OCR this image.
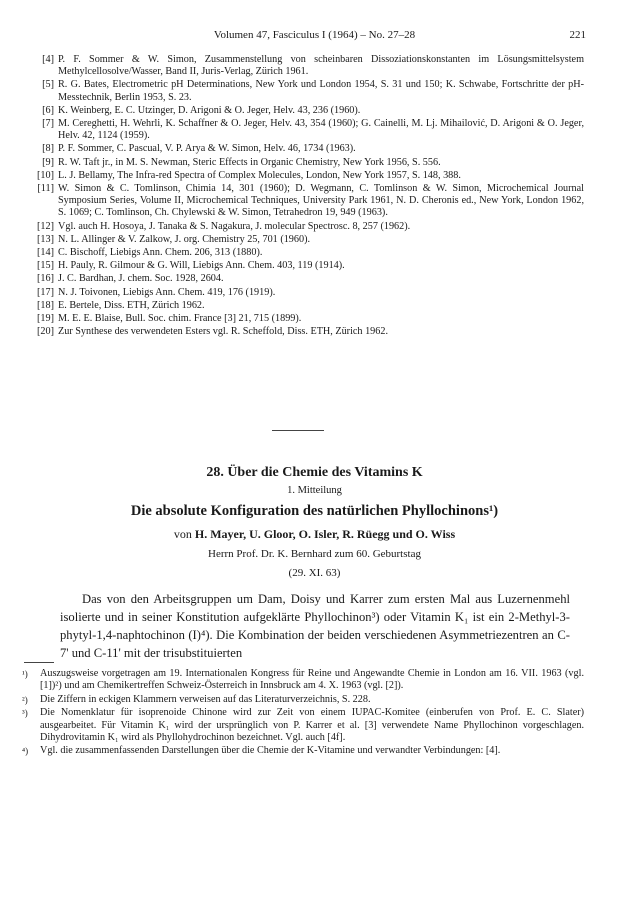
Volumen 47, Fasciculus I (1964) – No. 27–28	221
[4] P. F. Sommer & W. Simon, Zusammenstellung von scheinbaren Dissoziationskonstanten im Lösungsmittelsystem Methylcellosolve/Wasser, Band II, Juris-Verlag, Zürich 1961.
[5] R. G. Bates, Electrometric pH Determinations, New York und London 1954, S. 31 und 150; K. Schwabe, Fortschritte der pH-Messtechnik, Berlin 1953, S. 23.
[6] K. Weinberg, E. C. Utzinger, D. Arigoni & O. Jeger, Helv. 43, 236 (1960).
[7] M. Cereghetti, H. Wehrli, K. Schaffner & O. Jeger, Helv. 43, 354 (1960); G. Cainelli, M. Lj. Mihailović, D. Arigoni & O. Jeger, Helv. 42, 1124 (1959).
[8] P. F. Sommer, C. Pascual, V. P. Arya & W. Simon, Helv. 46, 1734 (1963).
[9] R. W. Taft jr., in M. S. Newman, Steric Effects in Organic Chemistry, New York 1956, S. 556.
[10] L. J. Bellamy, The Infra-red Spectra of Complex Molecules, London, New York 1957, S. 148, 388.
[11] W. Simon & C. Tomlinson, Chimia 14, 301 (1960); D. Wegmann, C. Tomlinson & W. Simon, Microchemical Journal Symposium Series, Volume II, Microchemical Techniques, University Park 1961, N. D. Cheronis ed., New York, London 1962, S. 1069; C. Tomlinson, Ch. Chylewski & W. Simon, Tetrahedron 19, 949 (1963).
[12] Vgl. auch H. Hosoya, J. Tanaka & S. Nagakura, J. molecular Spectrosc. 8, 257 (1962).
[13] N. L. Allinger & V. Zalkow, J. org. Chemistry 25, 701 (1960).
[14] C. Bischoff, Liebigs Ann. Chem. 206, 313 (1880).
[15] H. Pauly, R. Gilmour & G. Will, Liebigs Ann. Chem. 403, 119 (1914).
[16] J. C. Bardhan, J. chem. Soc. 1928, 2604.
[17] N. J. Toivonen, Liebigs Ann. Chem. 419, 176 (1919).
[18] E. Bertele, Diss. ETH, Zürich 1962.
[19] M. E. E. Blaise, Bull. Soc. chim. France [3] 21, 715 (1899).
[20] Zur Synthese des verwendeten Esters vgl. R. Scheffold, Diss. ETH, Zürich 1962.
28. Über die Chemie des Vitamins K
1. Mitteilung
Die absolute Konfiguration des natürlichen Phyllochinons¹)
von H. Mayer, U. Gloor, O. Isler, R. Rüegg und O. Wiss
Herrn Prof. Dr. K. Bernhard zum 60. Geburtstag
(29. XI. 63)
Das von den Arbeitsgruppen um Dam, Doisy und Karrer zum ersten Mal aus Luzernenmehl isolierte und in seiner Konstitution aufgeklärte Phyllochinon³) oder Vitamin K₁ ist ein 2-Methyl-3-phytyl-1,4-naphtochinon (I)⁴). Die Kombination der beiden verschiedenen Asymmetriezentren an C-7' und C-11' mit der trisubstituierten
¹) Auszugsweise vorgetragen am 19. Internationalen Kongress für Reine und Angewandte Chemie in London am 16. VII. 1963 (vgl. [1])²) und am Chemikertreffen Schweiz-Österreich in Innsbruck am 4. X. 1963 (vgl. [2]).
²) Die Ziffern in eckigen Klammern verweisen auf das Literaturverzeichnis, S. 228.
³) Die Nomenklatur für isoprenoide Chinone wird zur Zeit von einem IUPAC-Komitee (einberufen von Prof. E. C. Slater) ausgearbeitet. Für Vitamin K₁ wird der ursprünglich von P. Karrer et al. [3] verwendete Name Phyllochinon vorgeschlagen. Dihydrovitamin K₁ wird als Phyllohydrochinon bezeichnet. Vgl. auch [4f].
⁴) Vgl. die zusammenfassenden Darstellungen über die Chemie der K-Vitamine und verwandter Verbindungen: [4].
